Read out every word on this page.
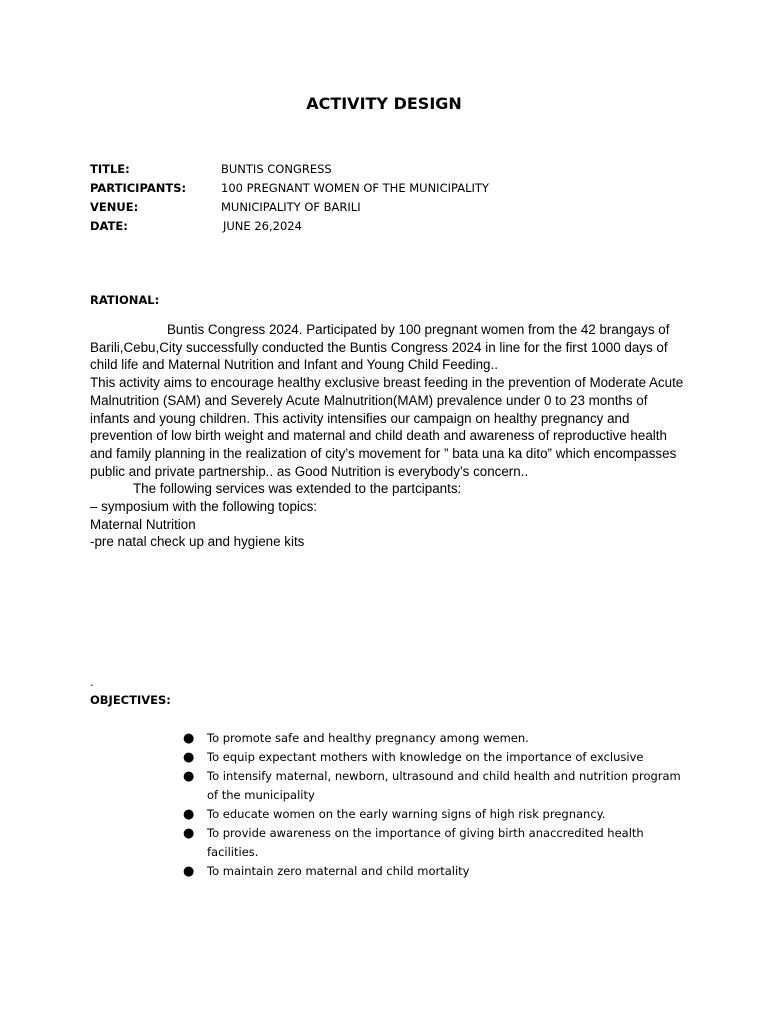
ACTIVITY DESIGN
TITLE:	BUNTIS CONGRESS
PARTICIPANTS:	100 PREGNANT WOMEN OF THE MUNICIPALITY
VENUE:	MUNICIPALITY OF BARILI
DATE:	JUNE 26,2024
RATIONAL:

Buntis Congress 2024. Participated by 100 pregnant women from the 42 brangays of Barili,Cebu,City successfully conducted the Buntis Congress 2024 in line for the first 1000 days of child life and Maternal Nutrition and Infant and Young Child Feeding..

This activity aims to encourage healthy exclusive breast feeding in the prevention of Moderate Acute Malnutrition (SAM) and Severely Acute Malnutrition(MAM) prevalence under 0 to 23 months of infants and young children. This activity intensifies our campaign on healthy pregnancy and prevention of low birth weight and maternal and child death and awareness of reproductive health and family planning in the realization of city’s movement for ” bata una ka dito” which encompasses public and private partnership.. as Good Nutrition is everybody’s concern..

The following services was extended to the partcipants:

– symposium with the following topics:

Maternal Nutrition

-pre natal check up and hygiene kits

.
OBJECTIVES:
● To promote safe and healthy pregnancy among wemen.
● To equip expectant mothers with knowledge on the importance of exclusive
● To intensify maternal, newborn, ultrasound and child health and nutrition program of the municipality
● To educate women on the early warning signs of high risk pregnancy.
● To provide awareness on the importance of giving birth anaccredited health facilities.
● To maintain zero maternal and child mortality
